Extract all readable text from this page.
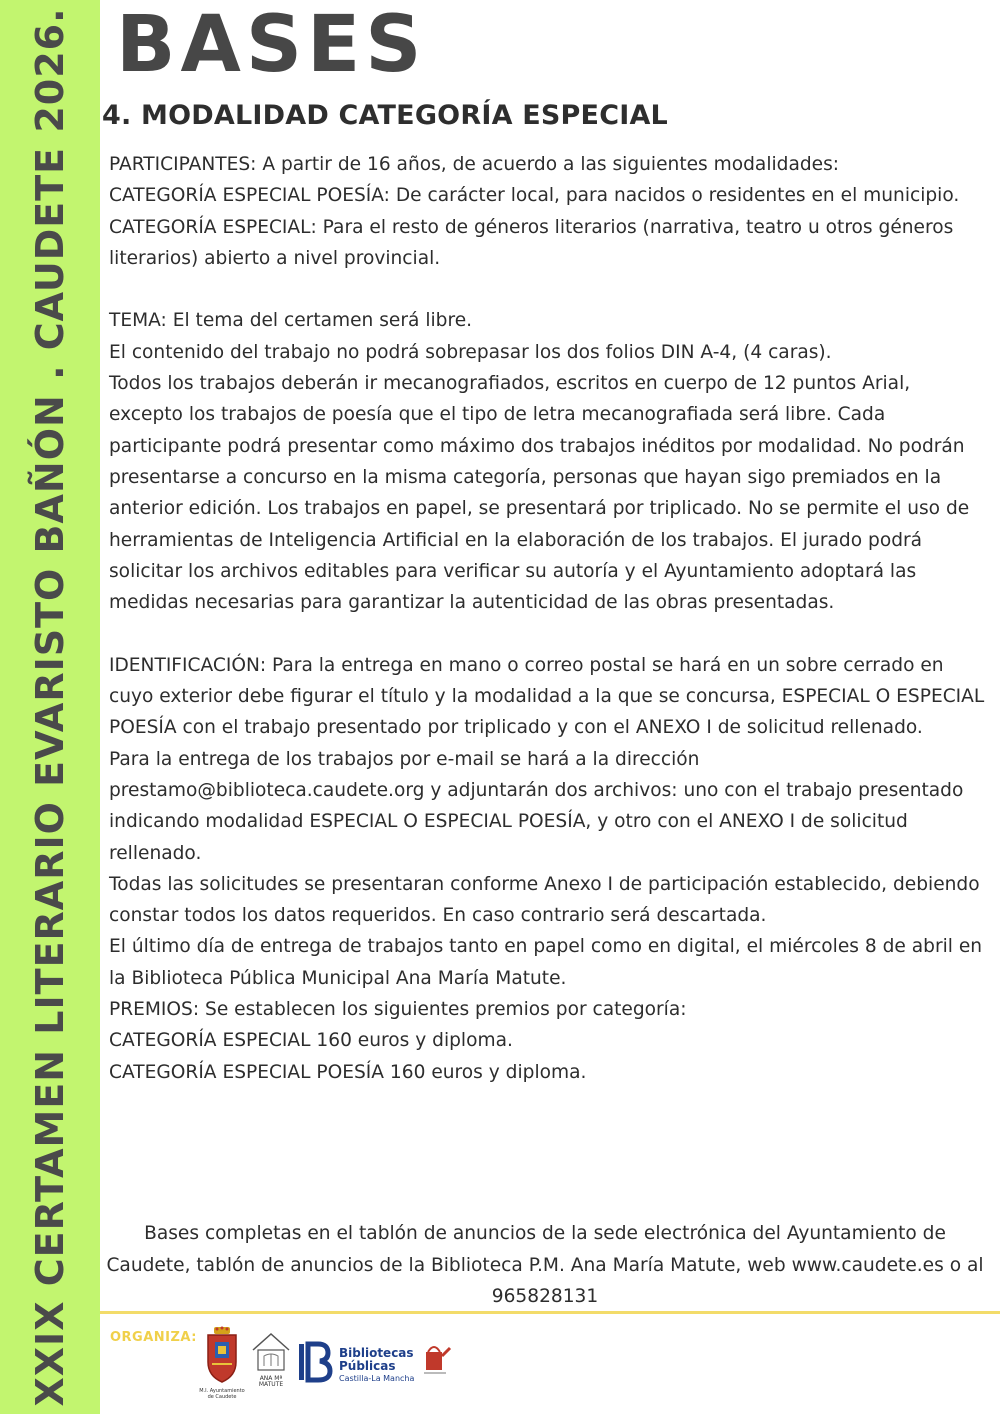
XXIX CERTAMEN LITERARIO EVARISTO BAÑÓN . CAUDETE 2026. BASES
4. MODALIDAD CATEGORÍA ESPECIAL

PARTICIPANTES: A partir de 16 años, de acuerdo a las siguientes modalidades:

CATEGORÍA ESPECIAL POESÍA: De carácter local, para nacidos o residentes en el municipio.

CATEGORÍA ESPECIAL: Para el resto de géneros literarios (narrativa, teatro u otros géneros literarios) abierto a nivel provincial.

TEMA: El tema del certamen será libre.

El contenido del trabajo no podrá sobrepasar los dos folios DIN A-4, (4 caras).

Todos los trabajos deberán ir mecanografiados, escritos en cuerpo de 12 puntos Arial, excepto los trabajos de poesía que el tipo de letra mecanografiada será libre. Cada participante podrá presentar como máximo dos trabajos inéditos por modalidad. No podrán presentarse a concurso en la misma categoría, personas que hayan sigo premiados en la anterior edición. Los trabajos en papel, se presentará por triplicado. No se permite el uso de herramientas de Inteligencia Artificial en la elaboración de los trabajos. El jurado podrá solicitar los archivos editables para verificar su autoría y el Ayuntamiento adoptará las medidas necesarias para garantizar la autenticidad de las obras presentadas.

IDENTIFICACIÓN: Para la entrega en mano o correo postal se hará en un sobre cerrado en cuyo exterior debe figurar el título y la modalidad a la que se concursa, ESPECIAL O ESPECIAL POESÍA con el trabajo presentado por triplicado y con el ANEXO I de solicitud rellenado.

Para la entrega de los trabajos por e-mail se hará a la dirección prestamo@biblioteca.caudete.org y adjuntarán dos archivos: uno con el trabajo presentado indicando modalidad ESPECIAL O ESPECIAL POESÍA, y otro con el ANEXO I de solicitud rellenado.

Todas las solicitudes se presentaran conforme Anexo I de participación establecido, debiendo constar todos los datos requeridos. En caso contrario será descartada.

El último día de entrega de trabajos tanto en papel como en digital, el miércoles 8 de abril en la Biblioteca Pública Municipal Ana María Matute.

PREMIOS: Se establecen los siguientes premios por categoría:

CATEGORÍA ESPECIAL 160 euros y diploma.

CATEGORÍA ESPECIAL POESÍA 160 euros y diploma.

Bases completas en el tablón de anuncios de la sede electrónica del Ayuntamiento de Caudete, tablón de anuncios de la Biblioteca P.M. Ana María Matute, web www.caudete.es o al 965828131
ORGANIZA:
M.I. Ayuntamiento de Caudete
ANA Mª MATUTE
Bibliotecas
Públicas
Castilla-La Mancha
